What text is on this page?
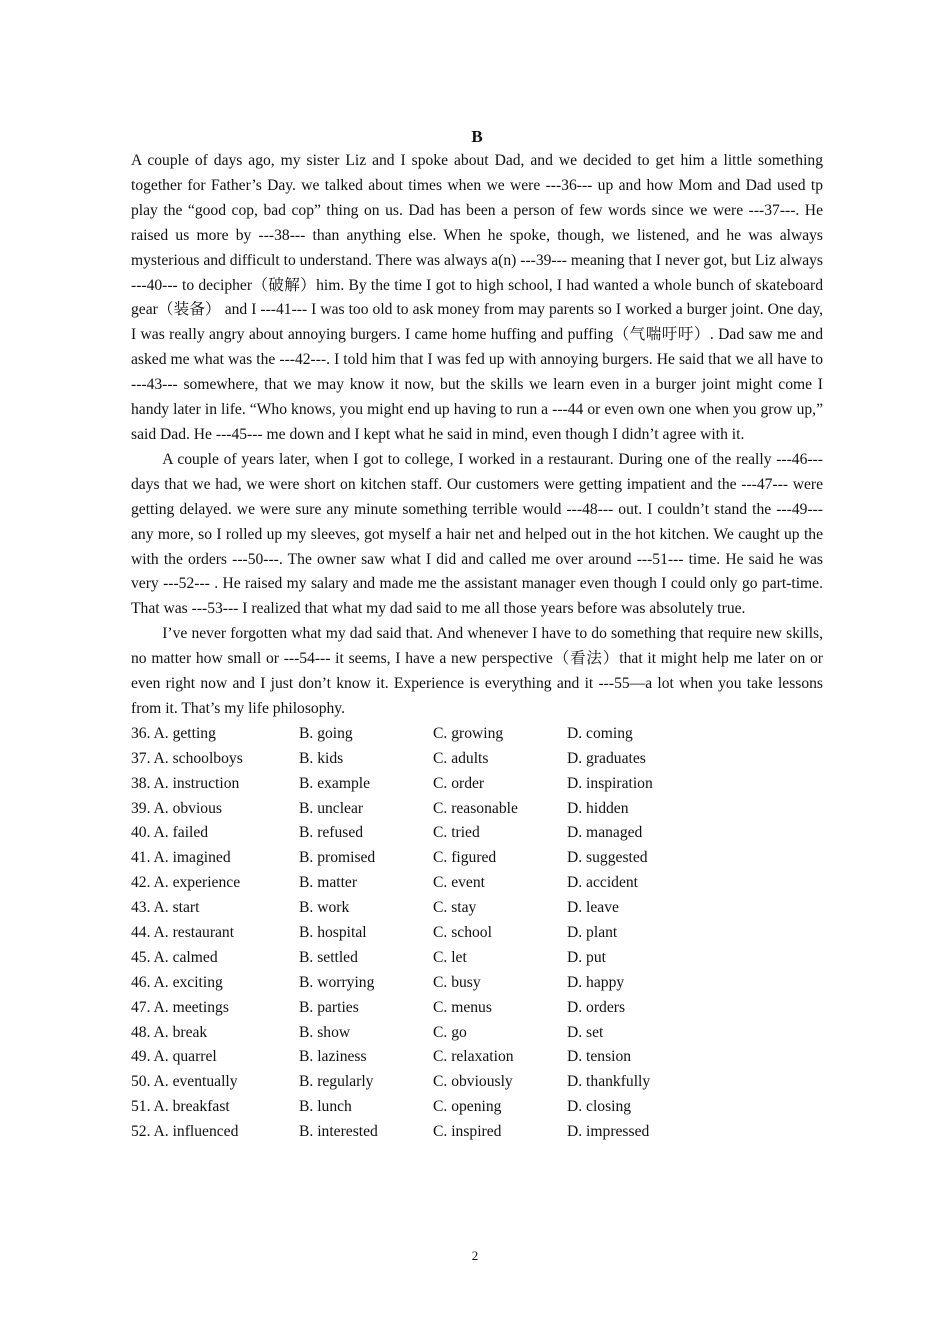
B

A couple of days ago, my sister Liz and I spoke about Dad, and we decided to get him a little something together for Father’s Day. we talked about times when we were ---36--- up and how Mom and Dad used tp play the “good cop, bad cop” thing on us. Dad has been a person of few words since we were ---37---. He raised us more by ---38--- than anything else. When he spoke, though, we listened, and he was always mysterious and difficult to understand. There was always a(n) ---39--- meaning that I never got, but Liz always ---40--- to decipher（破解）him. By the time I got to high school, I had wanted a whole bunch of skateboard gear（装备） and I ---41--- I was too old to ask money from may parents so I worked a burger joint. One day, I was really angry about annoying burgers. I came home huffing and puffing（气喘吁吁）. Dad saw me and asked me what was the ---42---. I told him that I was fed up with annoying burgers. He said that we all have to ---43--- somewhere, that we may know it now, but the skills we learn even in a burger joint might come I handy later in life. “Who knows, you might end up having to run a ---44 or even own one when you grow up,” said Dad. He ---45--- me down and I kept what he said in mind, even though I didn’t agree with it.

A couple of years later, when I got to college, I worked in a restaurant. During one of the really ---46--- days that we had, we were short on kitchen staff. Our customers were getting impatient and the ---47--- were getting delayed. we were sure any minute something terrible would ---48--- out. I couldn’t stand the ---49--- any more, so I rolled up my sleeves, got myself a hair net and helped out in the hot kitchen. We caught up the with the orders ---50---. The owner saw what I did and called me over around ---51--- time. He said he was very ---52--- . He raised my salary and made me the assistant manager even though I could only go part-time. That was ---53--- I realized that what my dad said to me all those years before was absolutely true.

I’ve never forgotten what my dad said that. And whenever I have to do something that require new skills, no matter how small or ---54--- it seems, I have a new perspective（看法）that it might help me later on or even right now and I just don’t know it. Experience is everything and it ---55—a lot when you take lessons from it. That’s my life philosophy.

36. A. getting	B. going	C. growing	D. coming
37. A. schoolboys	B. kids	C. adults	D. graduates
38. A. instruction	B. example	C. order	D. inspiration
39. A. obvious	B. unclear	C. reasonable	D. hidden
40. A. failed	B. refused	C. tried	D. managed
41. A. imagined	B. promised	C. figured	D. suggested
42. A. experience	B. matter	C. event	D. accident
43. A. start	B. work	C. stay	D. leave
44. A. restaurant	B. hospital	C. school	D. plant
45. A. calmed	B. settled	C. let	D. put
46. A. exciting	B. worrying	C. busy	D. happy
47. A. meetings	B. parties	C. menus	D. orders
48. A. break	B. show	C. go	D. set
49. A. quarrel	B. laziness	C. relaxation	D. tension
50. A. eventually	B. regularly	C. obviously	D. thankfully
51. A. breakfast	B. lunch	C. opening	D. closing
52. A. influenced	B. interested	C. inspired	D. impressed
2
